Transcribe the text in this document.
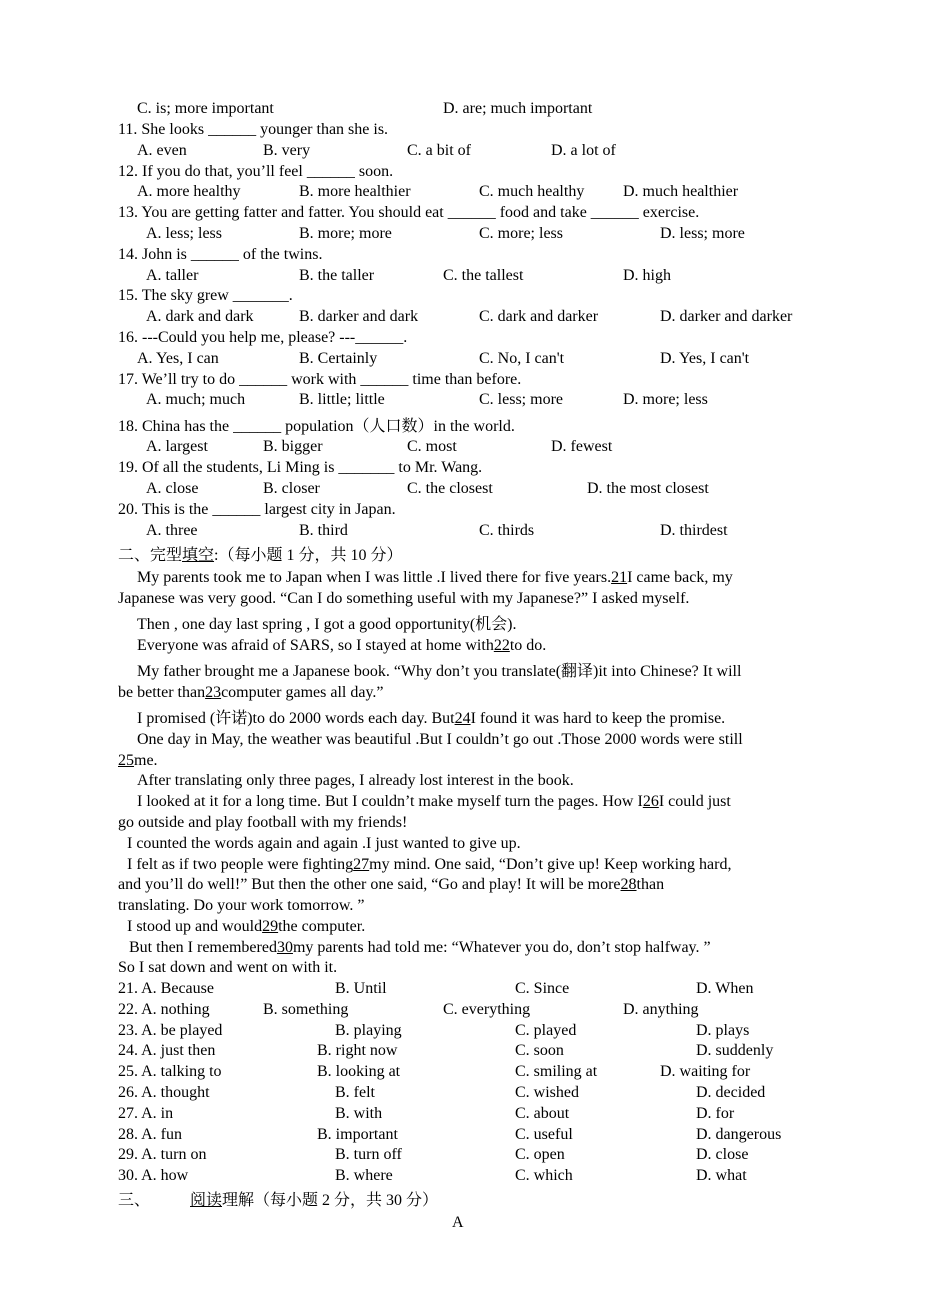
C. is; more important	D. are; much important
11. She looks ______ younger than she is.
A. even	B. very	C. a bit of	D. a lot of
12. If you do that, you’ll feel ______ soon.
A. more healthy	B. more healthier	C. much healthy D. much healthier
13. You are getting fatter and fatter. You should eat ______ food and take ______ exercise.
A. less; less	B. more; more	C. more; less	D. less; more
14. John is ______ of the twins.
A. taller	B. the taller	C. the tallest	D. high
15. The sky grew _______.
A. dark and dark	B. darker and dark	C. dark and darker	D. darker and darker
16. ---Could you help me, please? ---______.
A. Yes, I can	B. Certainly	C. No, I can't	D. Yes, I can't
17. We’ll try to do ______ work with ______ time than before.
A. much; much	B. little; little	C. less; more	D. more; less
18. China has the ______ population（人口数）in the world.
A. largest	B. bigger	C. most	D. fewest
19. Of all the students, Li Ming is _______ to Mr. Wang.
A. close	B. closer	C. the closest	D. the most closest
20. This is the ______ largest city in Japan.
A. three	B. third	C. thirds	D. thirdest
二、完型 填空 :（每小题 1 分，共 10 分）
My parents took me to Japan when I was little .I lived there for five years. 21 I came back, my
Japanese was very good. “Can I do something useful with my Japanese?” I asked myself.
Then , one day last spring , I got a good opportunity(机会).
Everyone was afraid of SARS, so I stayed at home with 22 to do.
My father brought me a Japanese book. “Why don’t you translate(翻译)it into Chinese? It will
be better than 23 computer games all day.”
I promised (许诺)to do 2000 words each day. But 24 I found it was hard to keep the promise.
One day in May, the weather was beautiful .But I couldn’t go out .Those 2000 words were still
25 me.
After translating only three pages, I already lost interest in the book.
I looked at it for a long time. But I couldn’t make myself turn the pages. How I 26 I could just
go outside and play football with my friends!
I counted the words again and again .I just wanted to give up.
I felt as if two people were fighting 27 my mind. One said, “Don’t give up! Keep working hard,
and you’ll do well!” But then the other one said, “Go and play! It will be more 28 than
translating. Do your work tomorrow. ”
I stood up and would 29 the computer.
But then I remembered 30 my parents had told me: “Whatever you do, don’t stop halfway. ”
So I sat down and went on with it.
21. A. Because	B. Until	C. Since	D. When
22. A. nothing	B. something	C. everything	D. anything
23. A. be played	B. playing	C. played	D. plays
24. A. just then	B. right now	C. soon	D. suddenly
25. A. talking to	B. looking at	C. smiling at	D. waiting for
26. A. thought	B. felt	C. wished	D. decided
27. A. in	B. with	C. about	D. for
28. A. fun	B. important	C. useful	D. dangerous
29. A. turn on	B. turn off	C. open	D. close
30. A. how	B. where	C. which	D. what
三、 阅读 理解（每小题 2 分，共 30 分）
A
